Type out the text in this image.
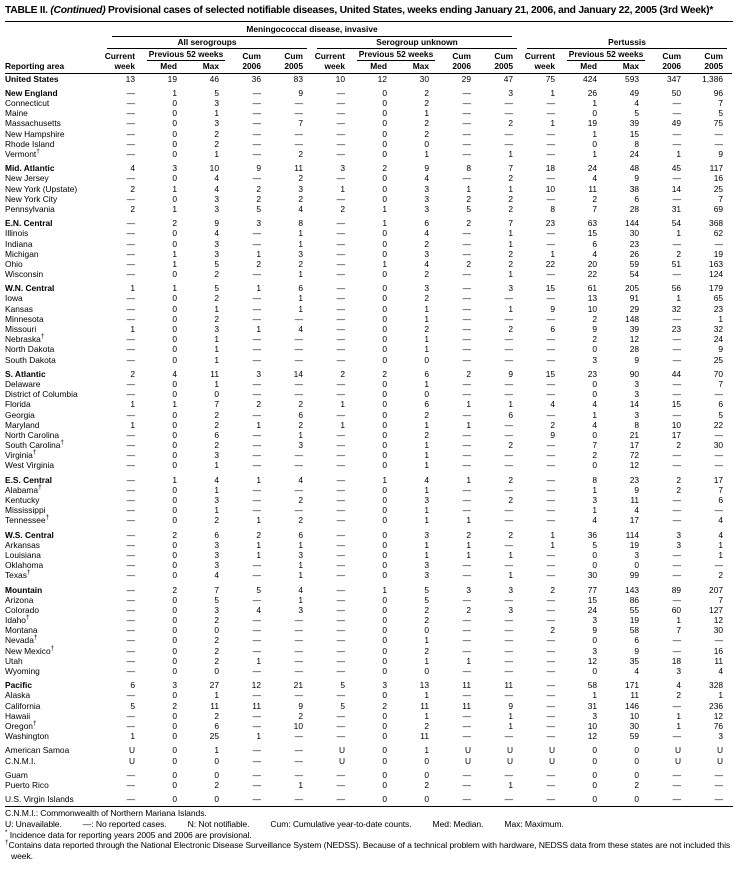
TABLE II. (Continued) Provisional cases of selected notifiable diseases, United States, weeks ending January 21, 2006, and January 22, 2005 (3rd Week)*

	Meningococcal disease, invasive														

	All serogroups					Serogroup unknown					Pertussis				

	Current	Previous 52 weeks		Cum	Cum	Current	Previous 52 weeks		Cum	Cum	Current	Previous 52 weeks		Cum	Cum
Reporting area	week	Med	Max	2006	2005	week	Med	Max	2006	2005	week	Med	Max	2006	2005
United States	13	19	46	36	83	10	12	30	29	47	75	424	593	347	1,386

New England	—	1	5	—	9	—	0	2	—	3	1	26	49	50	96
Connecticut	—	0	3	—	—	—	0	2	—	—	—	1	4	—	7
Maine	—	0	1	—	—	—	0	1	—	—	—	0	5	—	5
Massachusetts	—	0	3	—	7	—	0	2	—	2	1	19	39	49	75
New Hampshire	—	0	2	—	—	—	0	2	—	—	—	1	15	—	—
Rhode Island	—	0	2	—	—	—	0	0	—	—	—	0	8	—	—
Vermont†	—	0	1	—	2	—	0	1	—	1	—	1	24	1	9

Mid. Atlantic	4	3	10	9	11	3	2	9	8	7	18	24	48	45	117
New Jersey	—	0	4	—	2	—	0	4	—	2	—	4	9	—	16
New York (Upstate)	2	1	4	2	3	1	0	3	1	1	10	11	38	14	25
New York City	—	0	3	2	2	—	0	3	2	2	—	2	6	—	7
Pennsylvania	2	1	3	5	4	2	1	3	5	2	8	7	28	31	69

E.N. Central	—	2	9	3	8	—	1	6	2	7	23	63	144	54	368
Illinois	—	0	4	—	1	—	0	4	—	1	—	15	30	1	62
Indiana	—	0	3	—	1	—	0	2	—	1	—	6	23	—	—
Michigan	—	1	3	1	3	—	0	3	—	2	1	4	26	2	19
Ohio	—	1	5	2	2	—	1	4	2	2	22	20	59	51	163
Wisconsin	—	0	2	—	1	—	0	2	—	1	—	22	54	—	124

W.N. Central	1	1	5	1	6	—	0	3	—	3	15	61	205	56	179
Iowa	—	0	2	—	1	—	0	2	—	—	—	13	91	1	65
Kansas	—	0	1	—	1	—	0	1	—	1	9	10	29	32	23
Minnesota	—	0	2	—	—	—	0	1	—	—	—	2	148	—	1
Missouri	1	0	3	1	4	—	0	2	—	2	6	9	39	23	32
Nebraska†	—	0	1	—	—	—	0	1	—	—	—	2	12	—	24
North Dakota	—	0	1	—	—	—	0	1	—	—	—	0	28	—	9
South Dakota	—	0	1	—	—	—	0	0	—	—	—	3	9	—	25

S. Atlantic	2	4	11	3	14	2	2	6	2	9	15	23	90	44	70
Delaware	—	0	1	—	—	—	0	1	—	—	—	0	3	—	7
District of Columbia	—	0	0	—	—	—	0	0	—	—	—	0	3	—	—
Florida	1	1	7	2	2	1	0	6	1	1	4	4	14	15	6
Georgia	—	0	2	—	6	—	0	2	—	6	—	1	3	—	5
Maryland	1	0	2	1	2	1	0	1	1	—	2	4	8	10	22
North Carolina	—	0	6	—	1	—	0	2	—	—	9	0	21	17	—
South Carolina†	—	0	2	—	3	—	0	1	—	2	—	7	17	2	30
Virginia†	—	0	3	—	—	—	0	1	—	—	—	2	72	—	—
West Virginia	—	0	1	—	—	—	0	1	—	—	—	0	12	—	—

E.S. Central	—	1	4	1	4	—	1	4	1	2	—	8	23	2	17
Alabama†	—	0	1	—	—	—	0	1	—	—	—	1	9	2	7
Kentucky	—	0	3	—	2	—	0	3	—	2	—	3	11	—	6
Mississippi	—	0	1	—	—	—	0	1	—	—	—	1	4	—	—
Tennessee†	—	0	2	1	2	—	0	1	1	—	—	4	17	—	4

W.S. Central	—	2	6	2	6	—	0	3	2	2	1	36	114	3	4
Arkansas	—	0	3	1	1	—	0	1	1	—	1	5	19	3	1
Louisiana	—	0	3	1	3	—	0	1	1	1	—	0	3	—	1
Oklahoma	—	0	3	—	1	—	0	3	—	—	—	0	0	—	—
Texas†	—	0	4	—	1	—	0	3	—	1	—	30	99	—	2

Mountain	—	2	7	5	4	—	1	5	3	3	2	77	143	89	207
Arizona	—	0	5	—	1	—	0	5	—	—	—	15	86	—	7
Colorado	—	0	3	4	3	—	0	2	2	3	—	24	55	60	127
Idaho†	—	0	2	—	—	—	0	2	—	—	—	3	19	1	12
Montana	—	0	0	—	—	—	0	0	—	—	2	9	58	7	30
Nevada†	—	0	2	—	—	—	0	1	—	—	—	0	6	—	—
New Mexico†	—	0	2	—	—	—	0	2	—	—	—	3	9	—	16
Utah	—	0	2	1	—	—	0	1	1	—	—	12	35	18	11
Wyoming	—	0	0	—	—	—	0	0	—	—	—	0	4	3	4

Pacific	6	3	27	12	21	5	3	13	11	11	—	58	171	4	328
Alaska	—	0	1	—	—	—	0	1	—	—	—	1	11	2	1
California	5	2	11	11	9	5	2	11	11	9	—	31	146	—	236
Hawaii	—	0	2	—	2	—	0	1	—	1	—	3	10	1	12
Oregon†	—	0	6	—	10	—	0	2	—	1	—	10	30	1	76
Washington	1	0	25	1	—	—	0	11	—	—	—	12	59	—	3

American Samoa	U	0	1	—	—	U	0	1	U	U	U	0	0	U	U
C.N.M.I.	U	0	0	—	—	U	0	0	U	U	U	0	0	U	U

Guam	—	0	0	—	—	—	0	0	—	—	—	0	0	—	—
Puerto Rico	—	0	2	—	1	—	0	2	—	1	—	0	2	—	—

U.S. Virgin Islands	—	0	0	—	—	—	0	0	—	—	—	0	0	—	—
C.N.M.I.: Commonwealth of Northern Mariana Islands.
U: Unavailable. —: No reported cases. N: Not notifiable. Cum: Cumulative year-to-date counts. Med: Median. Max: Maximum.
* Incidence data for reporting years 2005 and 2006 are provisional.
†Contains data reported through the National Electronic Disease Surveillance System (NEDSS). Because of a technical problem with hardware, NEDSS data from these states are not included this week.
